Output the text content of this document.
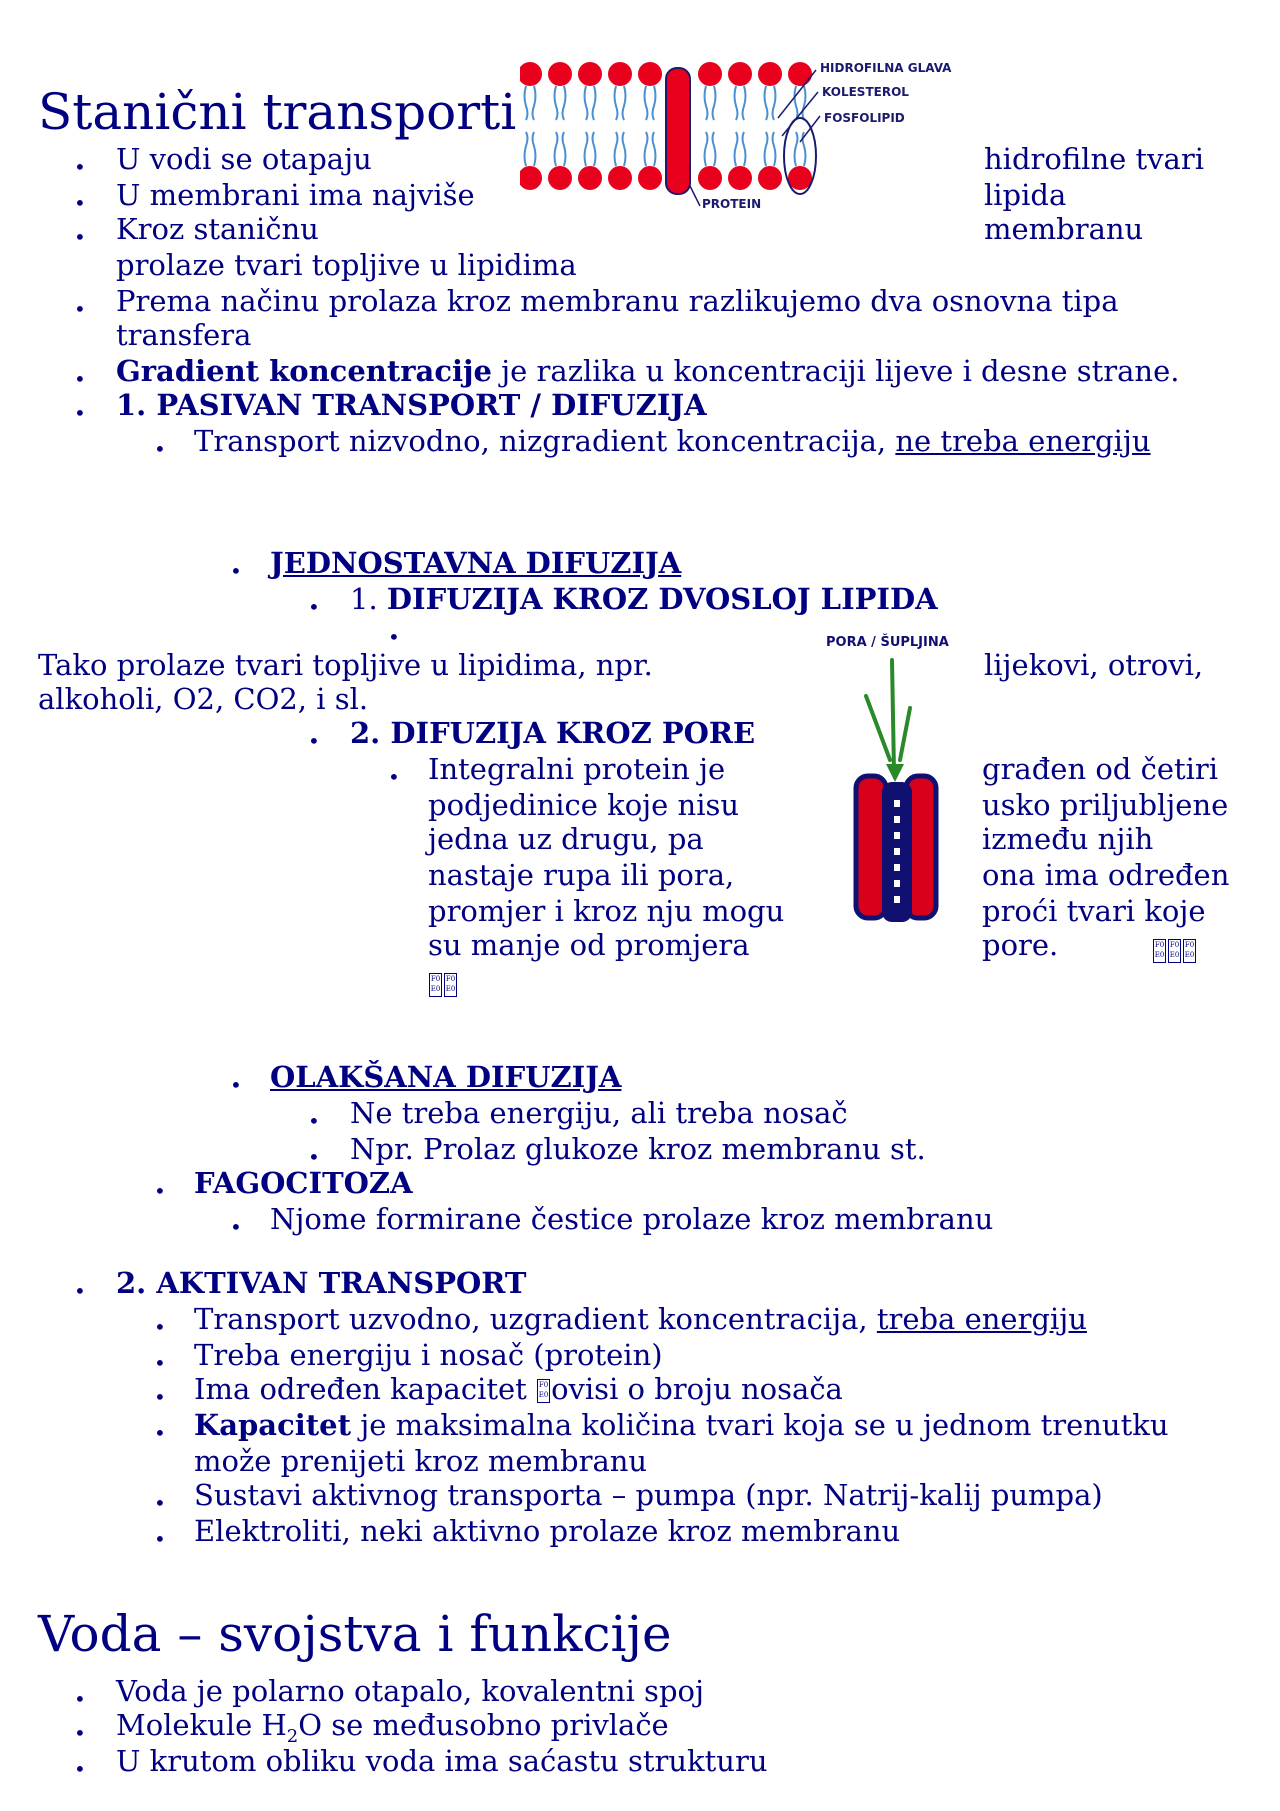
Stanični transporti
HIDROFILNA GLAVA
KOLESTEROL
FOSFOLIPID
PROTEIN
• U vodi se otapaju	hidrofilne tvari
• U membrani ima najviše	lipida
• Kroz staničnu	membranu
prolaze tvari topljive u lipidima
• Prema načinu prolaza kroz membranu razlikujemo dva osnovna tipa
transfera
• Gradient koncentracije je razlika u koncentraciji lijeve i desne strane.
• 1. PASIVAN TRANSPORT / DIFUZIJA
• Transport nizvodno, nizgradient koncentracija, ne treba energiju
• JEDNOSTAVNA DIFUZIJA
• 1. DIFUZIJA KROZ DVOSLOJ LIPIDA
•
Tako prolaze tvari topljive u lipidima, npr.	lijekovi, otrovi,
alkoholi, O2, CO2, i sl.
• 2. DIFUZIJA KROZ PORE
PORA / ŠUPLJINA
• Integralni protein je
podjedinice koje nisu
jedna uz drugu, pa
nastaje rupa ili pora,
promjer i kroz nju mogu
su manje od promjera
građen od četiri
usko priljubljene
između njih
ona ima određen
proći tvari koje
pore.	F0
E0F0
E0F0
E0
F0
E0F0
E0
• OLAKŠANA DIFUZIJA
• Ne treba energiju, ali treba nosač
• Npr. Prolaz glukoze kroz membranu st.
• FAGOCITOZA
• Njome formirane čestice prolaze kroz membranu
• 2. AKTIVAN TRANSPORT
• Transport uzvodno, uzgradient koncentracija, treba energiju
• Treba energiju i nosač (protein)
• Ima određen kapacitet F0
E0ovisi o broju nosača
• Kapacitet je maksimalna količina tvari koja se u jednom trenutku
može prenijeti kroz membranu
• Sustavi aktivnog transporta – pumpa (npr. Natrij-kalij pumpa)
• Elektroliti, neki aktivno prolaze kroz membranu
Voda – svojstva i funkcije
• Voda je polarno otapalo, kovalentni spoj
• Molekule $H_2O$ se međusobno privlače
• U krutom obliku voda ima saćastu strukturu
